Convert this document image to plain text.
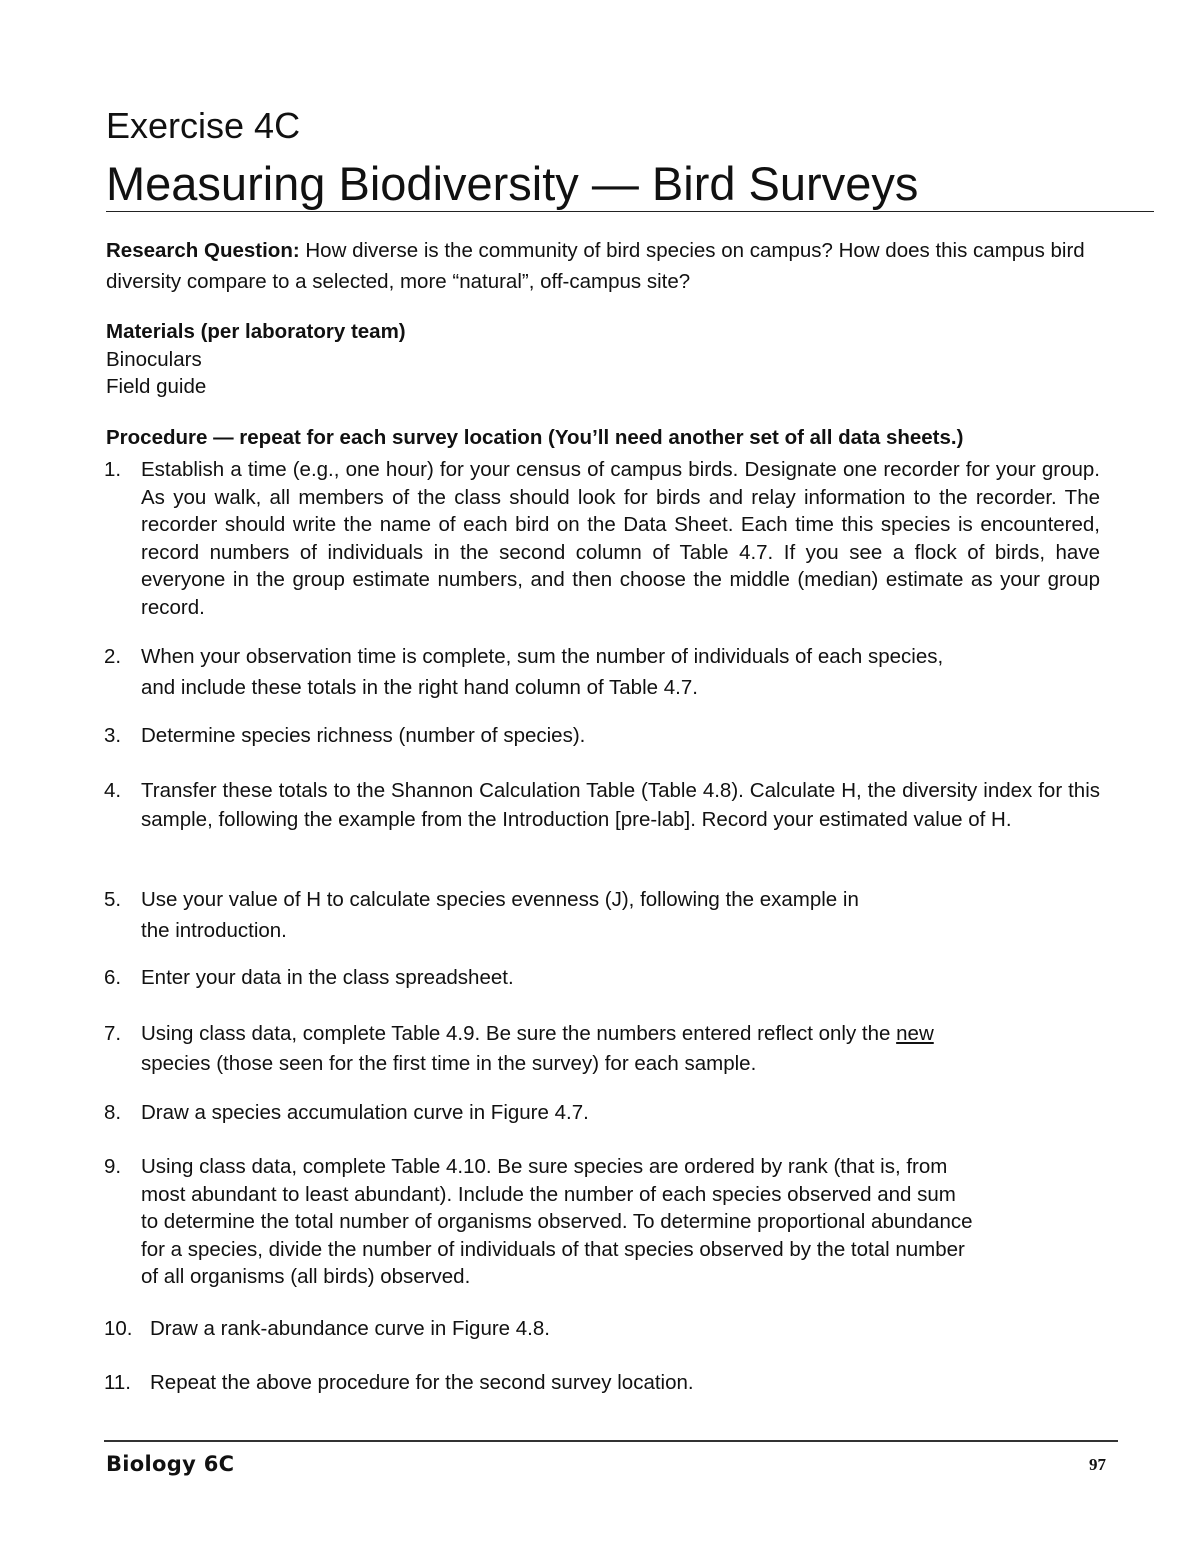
Exercise 4C
Measuring Biodiversity — Bird Surveys

Research Question: How diverse is the community of bird species on campus? How does this campus bird diversity compare to a selected, more “natural”, off-campus site?

Materials (per laboratory team)

Binoculars
Field guide

Procedure — repeat for each survey location (You’ll need another set of all data sheets.)

1. Establish a time (e.g., one hour) for your census of campus birds. Designate one recorder for your group. As you walk, all members of the class should look for birds and relay information to the recorder. The recorder should write the name of each bird on the Data Sheet. Each time this species is encountered, record numbers of individuals in the second column of Table 4.7. If you see a flock of birds, have everyone in the group estimate numbers, and then choose the middle (median) estimate as your group record.
2. When your observation time is complete, sum the number of individuals of each species,
and include these totals in the right hand column of Table 4.7.
3. Determine species richness (number of species).
4. Transfer these totals to the Shannon Calculation Table (Table 4.8). Calculate H, the diversity index for this sample, following the example from the Introduction [pre-lab]. Record your estimated value of H.
5. Use your value of H to calculate species evenness (J), following the example in
the introduction.
6. Enter your data in the class spreadsheet.
7. Using class data, complete Table 4.9. Be sure the numbers entered reflect only the new
species (those seen for the first time in the survey) for each sample.
8. Draw a species accumulation curve in Figure 4.7.
9. Using class data, complete Table 4.10. Be sure species are ordered by rank (that is, from
most abundant to least abundant). Include the number of each species observed and sum
to determine the total number of organisms observed. To determine proportional abundance
for a species, divide the number of individuals of that species observed by the total number
of all organisms (all birds) observed.
10. Draw a rank-abundance curve in Figure 4.8.
11. Repeat the above procedure for the second survey location.

Biology 6C	97
